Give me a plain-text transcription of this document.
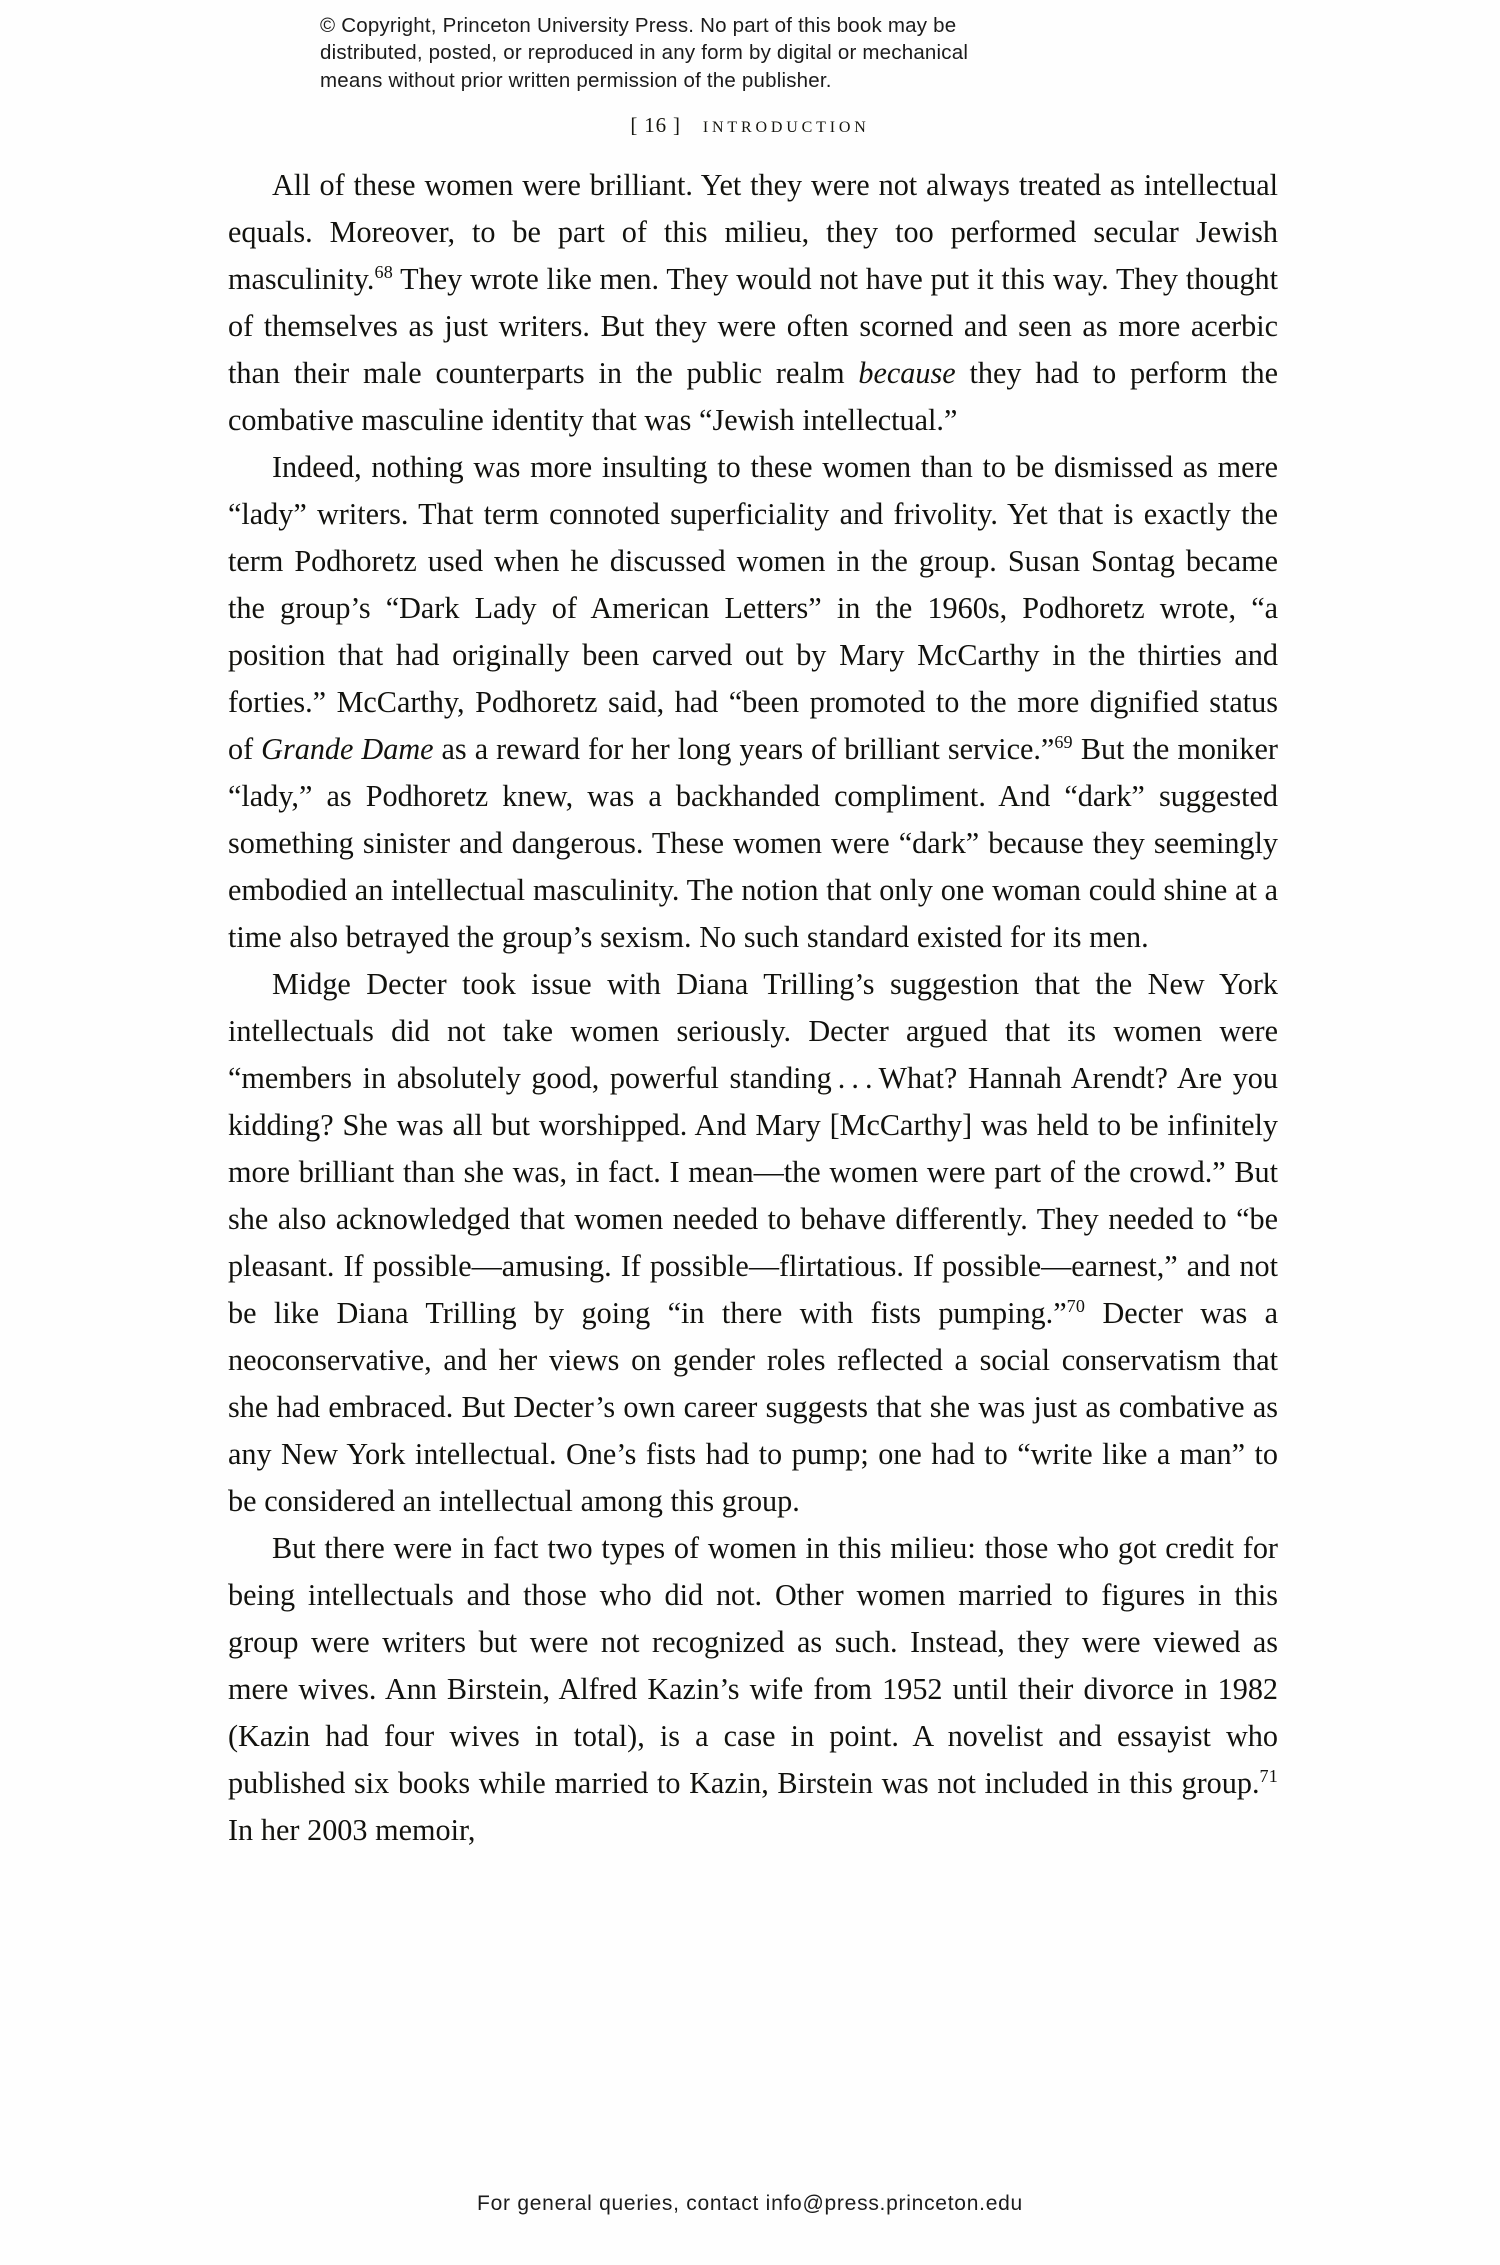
© Copyright, Princeton University Press. No part of this book may be
distributed, posted, or reproduced in any form by digital or mechanical
means without prior written permission of the publisher.
[ 16 ] introduction

All of these women were brilliant. Yet they were not always treated as intellectual equals. Moreover, to be part of this milieu, they too performed secular Jewish masculinity.$^{68}$ They wrote like men. They would not have put it this way. They thought of themselves as just writers. But they were often scorned and seen as more acerbic than their male counterparts in the public realm because they had to perform the combative masculine identity that was “Jewish intellectual.”

Indeed, nothing was more insulting to these women than to be dismissed as mere “lady” writers. That term connoted superficiality and frivolity. Yet that is exactly the term Podhoretz used when he discussed women in the group. Susan Sontag became the group’s “Dark Lady of American Letters” in the 1960s, Podhoretz wrote, “a position that had originally been carved out by Mary McCarthy in the thirties and forties.” McCarthy, Podhoretz said, had “been promoted to the more dignified status of Grande Dame as a reward for her long years of brilliant service.”$^{69}$ But the moniker “lady,” as Podhoretz knew, was a backhanded compliment. And “dark” suggested something sinister and dangerous. These women were “dark” because they seemingly embodied an intellectual masculinity. The notion that only one woman could shine at a time also betrayed the group’s sexism. No such standard existed for its men.

Midge Decter took issue with Diana Trilling’s suggestion that the New York intellectuals did not take women seriously. Decter argued that its women were “members in absolutely good, powerful standing . . . What? Hannah Arendt? Are you kidding? She was all but worshipped. And Mary [McCarthy] was held to be infinitely more brilliant than she was, in fact. I mean—the women were part of the crowd.” But she also acknowledged that women needed to behave differently. They needed to “be pleasant. If possible—amusing. If possible—flirtatious. If possible—earnest,” and not be like Diana Trilling by going “in there with fists pumping.”$^{70}$ Decter was a neoconservative, and her views on gender roles reflected a social conservatism that she had embraced. But Decter’s own career suggests that she was just as combative as any New York intellectual. One’s fists had to pump; one had to “write like a man” to be considered an intellectual among this group.

But there were in fact two types of women in this milieu: those who got credit for being intellectuals and those who did not. Other women married to figures in this group were writers but were not recognized as such. Instead, they were viewed as mere wives. Ann Birstein, Alfred Kazin’s wife from 1952 until their divorce in 1982 (Kazin had four wives in total), is a case in point. A novelist and essayist who published six books while married to Kazin, Birstein was not included in this group.$^{71}$ In her 2003 memoir,

For general queries, contact info@press.princeton.edu
